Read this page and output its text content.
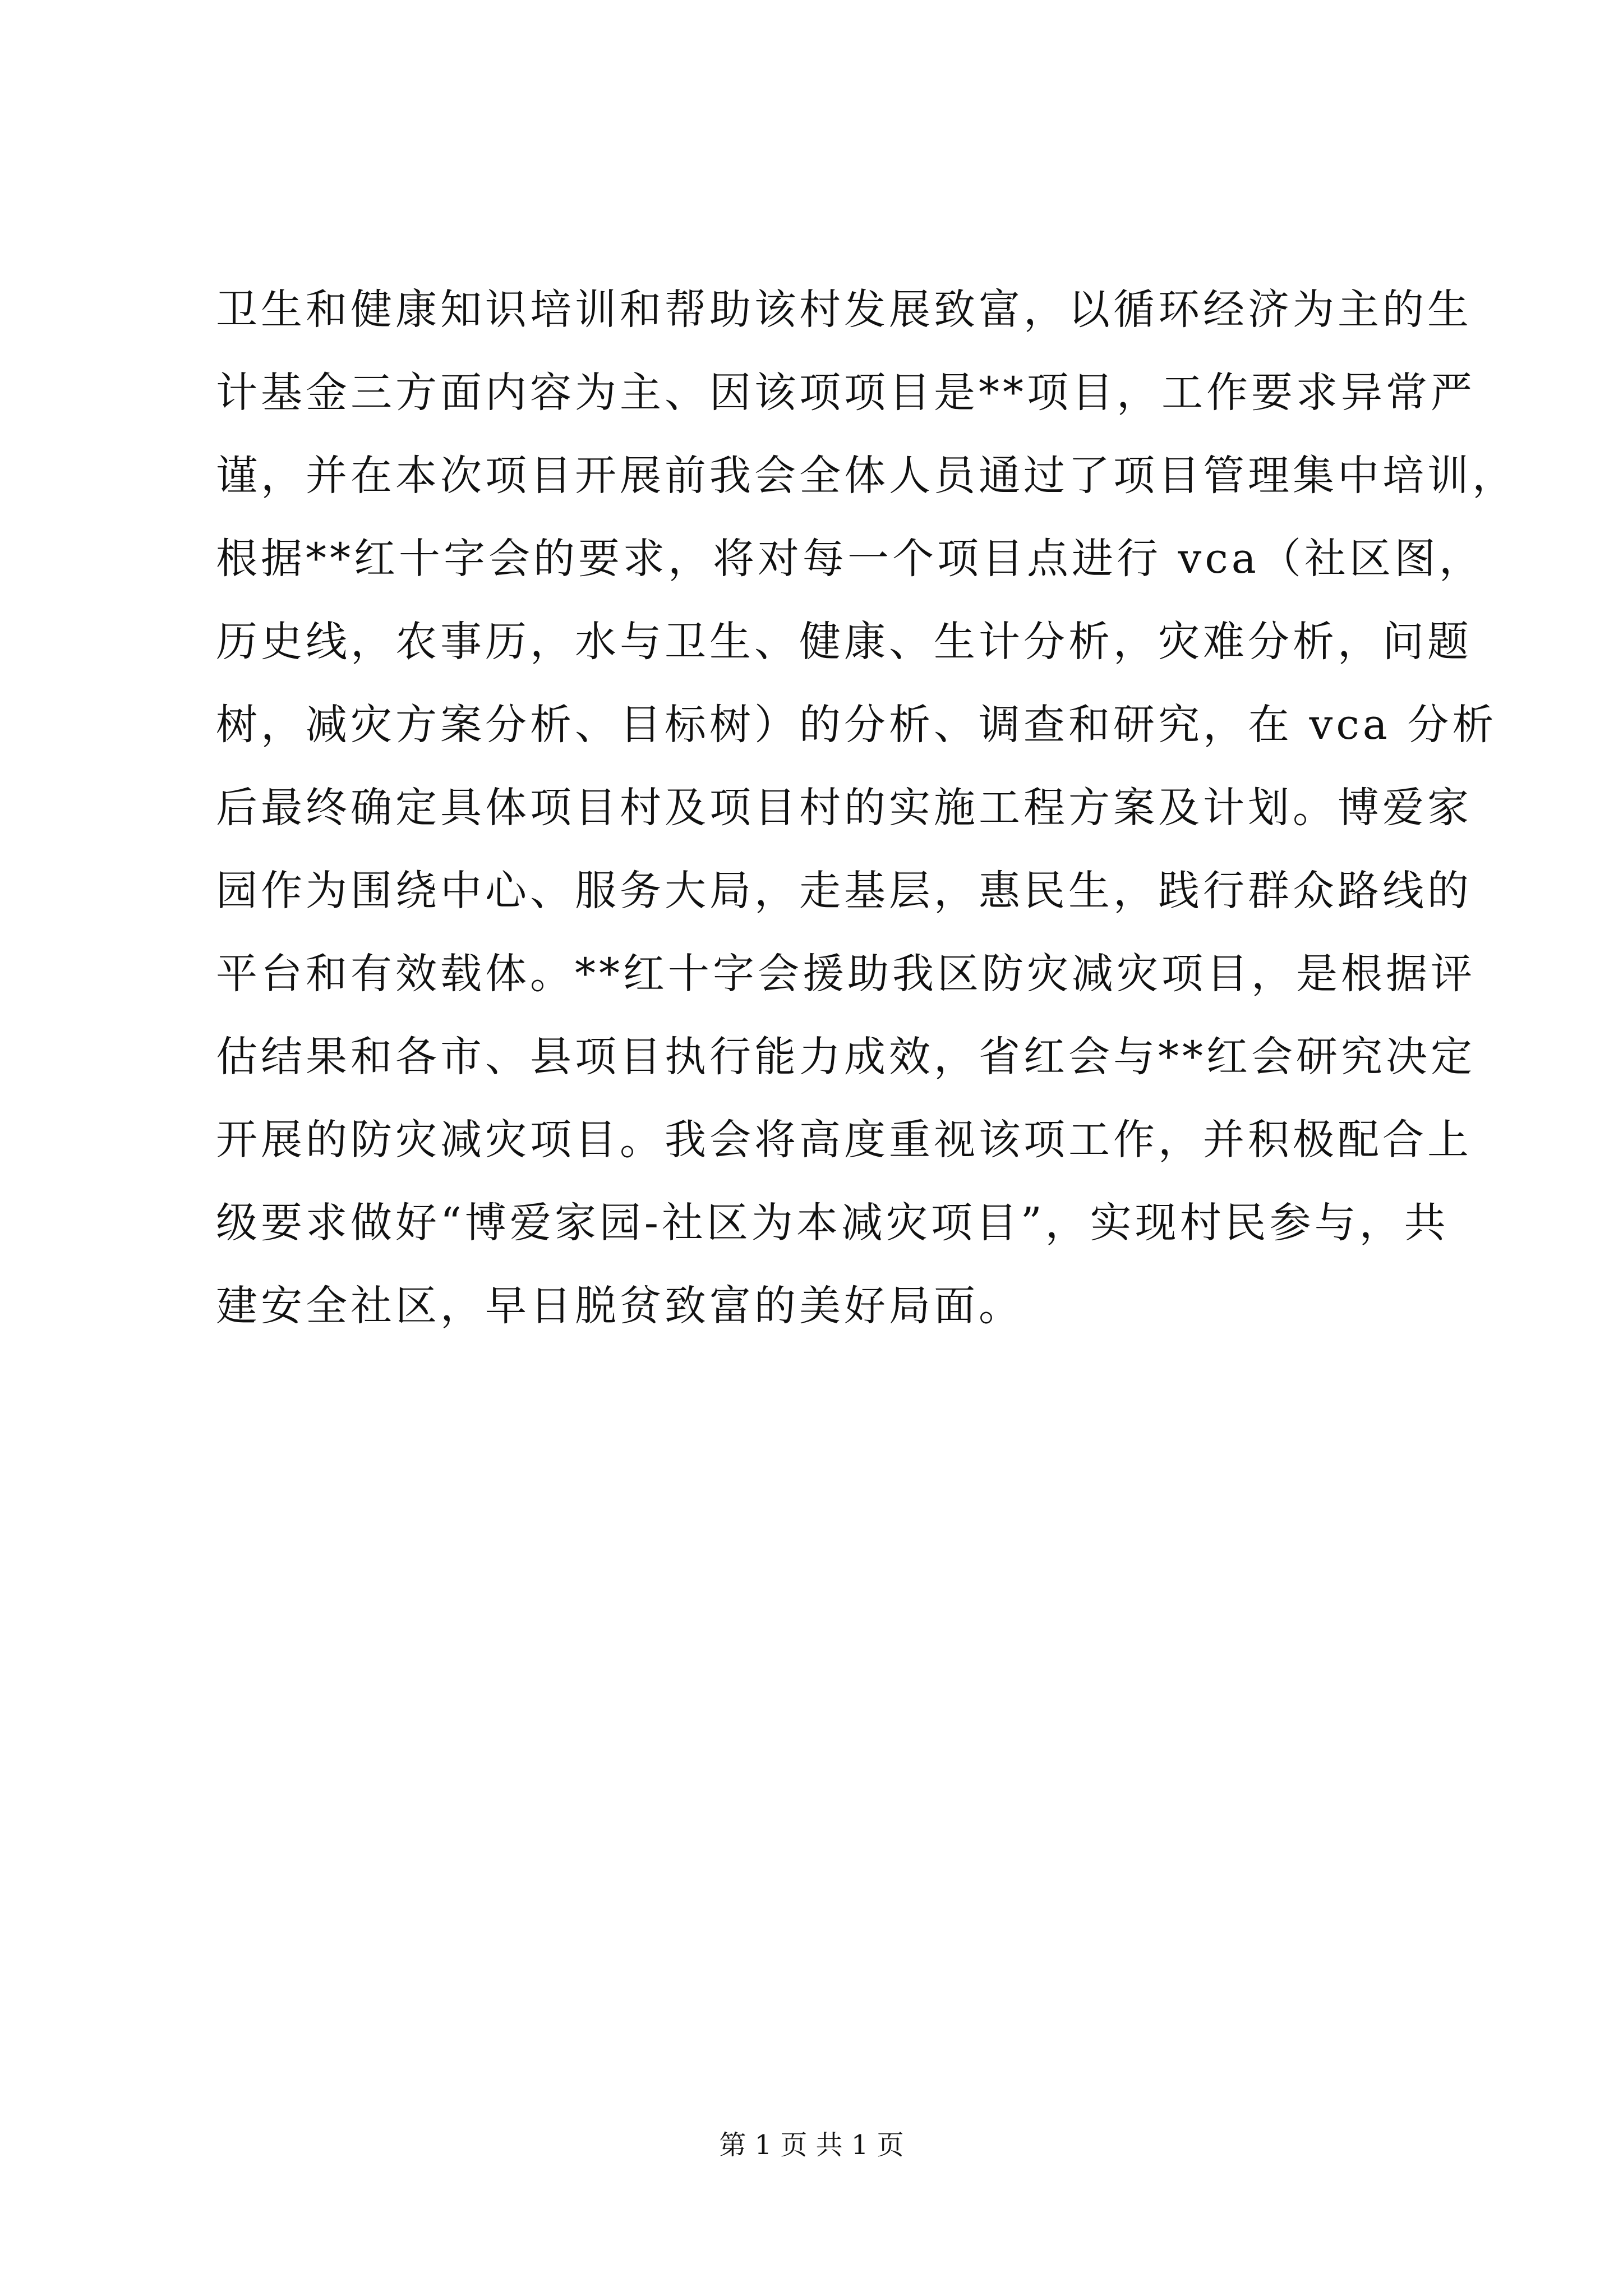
卫生和健康知识培训和帮助该村发展致富，以循环经济为主的生
计基金三方面内容为主、因该项项目是**项目，工作要求异常严
谨，并在本次项目开展前我会全体人员通过了项目管理集中培训，
根据**红十字会的要求，将对每一个项目点进行 vca（社区图，
历史线，农事历，水与卫生、健康、生计分析，灾难分析，问题
树，减灾方案分析、目标树）的分析、调查和研究，在 vca 分析
后最终确定具体项目村及项目村的实施工程方案及计划。博爱家
园作为围绕中心、服务大局，走基层，惠民生，践行群众路线的
平台和有效载体。**红十字会援助我区防灾减灾项目，是根据评
估结果和各市、县项目执行能力成效，省红会与**红会研究决定
开展的防灾减灾项目。我会将高度重视该项工作，并积极配合上
级要求做好“博爱家园-社区为本减灾项目”，实现村民参与，共
建安全社区，早日脱贫致富的美好局面。
第 1 页 共 1 页
